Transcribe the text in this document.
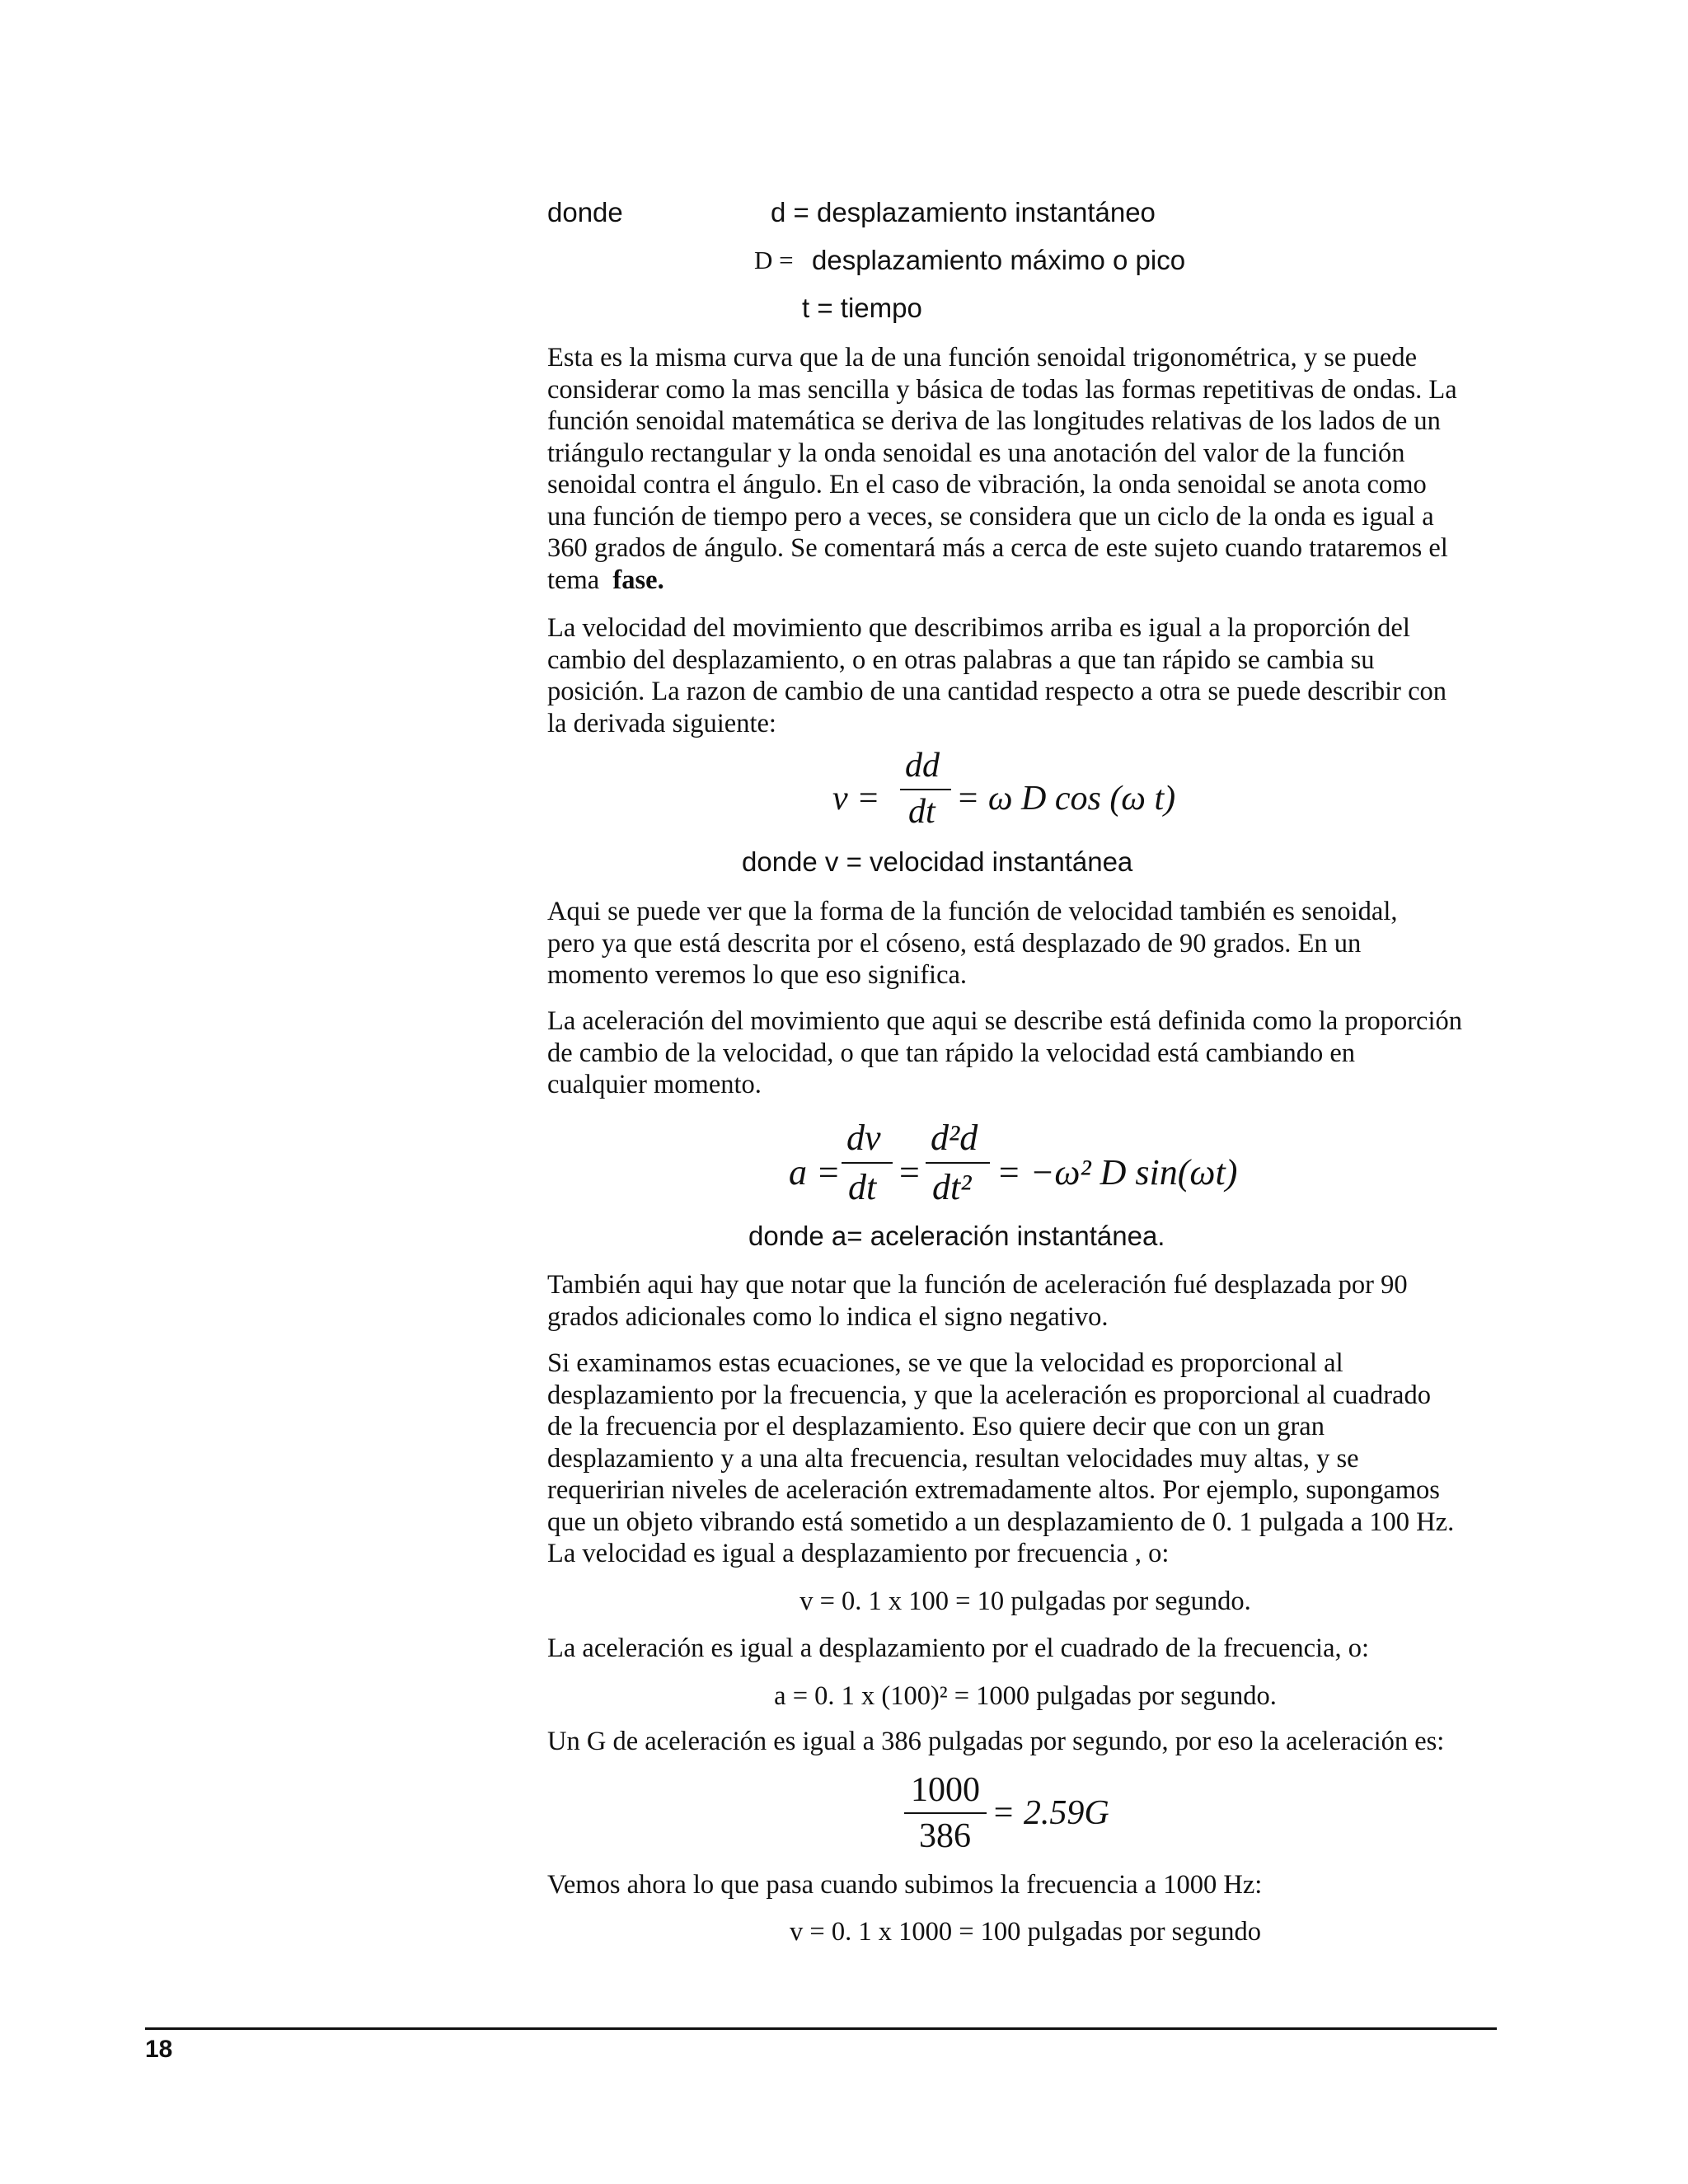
donde	d = desplazamiento instantáneo
D = desplazamiento máximo o pico
t = tiempo
Esta es la misma curva que la de una función senoidal trigonométrica, y se puede
considerar como la mas sencilla y básica de todas las formas repetitivas de ondas. La
función senoidal matemática se deriva de las longitudes relativas de los lados de un
triángulo rectangular y la onda senoidal es una anotación del valor de la función
senoidal contra el ángulo. En el caso de vibración, la onda senoidal se anota como
una función de tiempo pero a veces, se considera que un ciclo de la onda es igual a
360 grados de ángulo. Se comentará más a cerca de este sujeto cuando trataremos el
tema  fase.
La velocidad del movimiento que describimos arriba es igual a la proporción del
cambio del desplazamiento, o en otras palabras a que tan rápido se cambia su
posición. La razon de cambio de una cantidad respecto a otra se puede describir con
la derivada siguiente:
v =
dd
dt = ω D cos (ω t)
donde v = velocidad instantánea
Aqui se puede ver que la forma de la función de velocidad también es senoidal,
pero ya que está descrita por el cóseno, está desplazado de 90 grados. En un
momento veremos lo que eso significa.
La aceleración del movimiento que aqui se describe está definida como la proporción
de cambio de la velocidad, o que tan rápido la velocidad está cambiando en
cualquier momento.
a =
dv
dt =
d²d
dt² = −ω² D sin(ωt)
donde a= aceleración instantánea.
También aqui hay que notar que la función de aceleración fué desplazada por 90
grados adicionales como lo indica el signo negativo.
Si examinamos estas ecuaciones, se ve que la velocidad es proporcional al
desplazamiento por la frecuencia, y que la aceleración es proporcional al cuadrado
de la frecuencia por el desplazamiento. Eso quiere decir que con un gran
desplazamiento y a una alta frecuencia, resultan velocidades muy altas, y se
requeririan niveles de aceleración extremadamente altos. Por ejemplo, supongamos
que un objeto vibrando está sometido a un desplazamiento de 0. 1 pulgada a 100 Hz.
La velocidad es igual a desplazamiento por frecuencia , o:
v = 0. 1 x 100 = 10 pulgadas por segundo.
La aceleración es igual a desplazamiento por el cuadrado de la frecuencia, o:
a = 0. 1 x (100)² = 1000 pulgadas por segundo.
Un G de aceleración es igual a 386 pulgadas por segundo, por eso la aceleración es:
1000
386
= 2.59G
Vemos ahora lo que pasa cuando subimos la frecuencia a 1000 Hz:
v = 0. 1 x 1000 = 100 pulgadas por segundo
18
